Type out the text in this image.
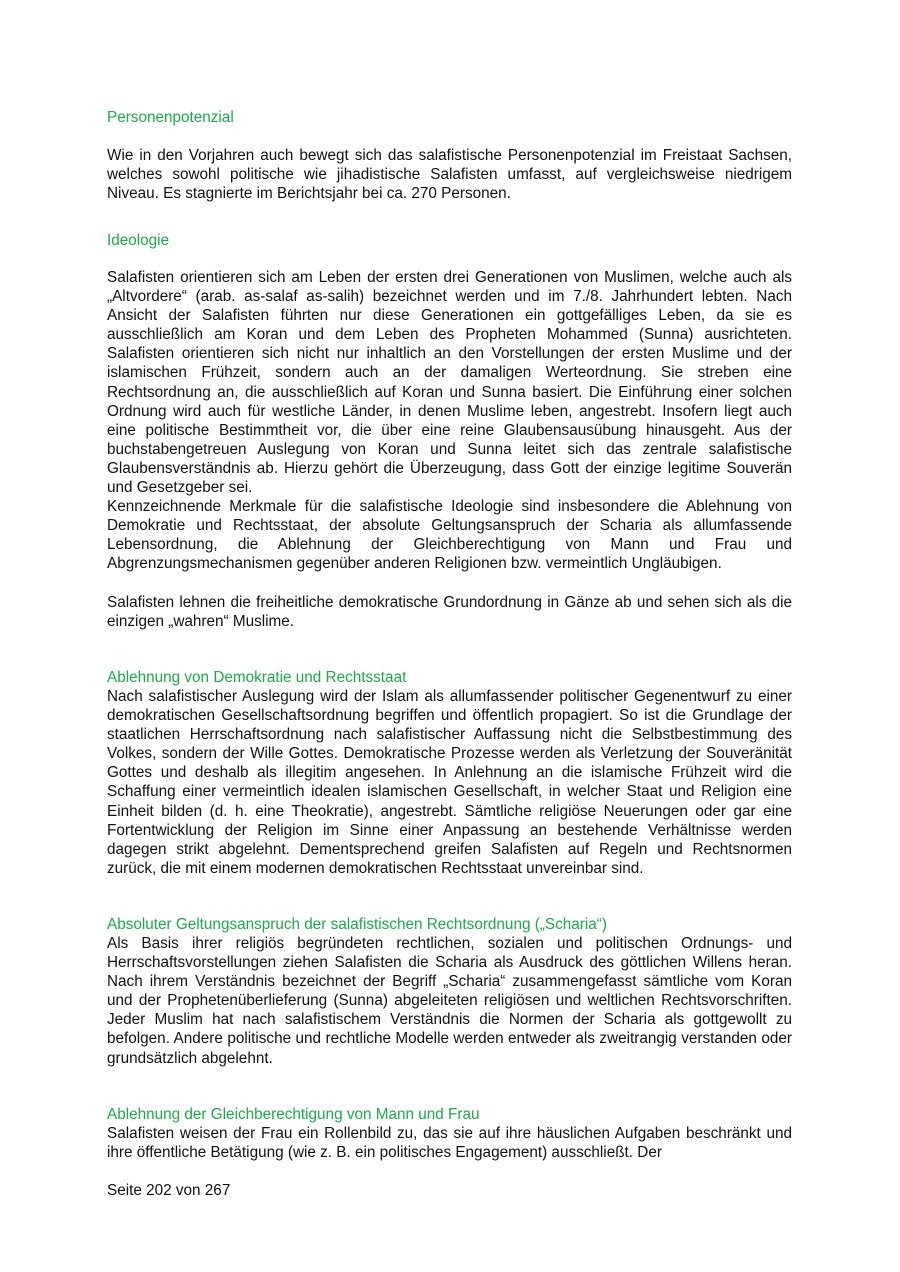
Personenpotenzial

Wie in den Vorjahren auch bewegt sich das salafistische Personenpotenzial im Freistaat Sachsen, welches sowohl politische wie jihadistische Salafisten umfasst, auf vergleichsweise niedrigem Niveau. Es stagnierte im Berichtsjahr bei ca. 270 Personen.

Ideologie

Salafisten orientieren sich am Leben der ersten drei Generationen von Muslimen, welche auch als „Altvordere“ (arab. as-salaf as-salih) bezeichnet werden und im 7./8. Jahrhundert lebten. Nach Ansicht der Salafisten führten nur diese Generationen ein gottgefälliges Leben, da sie es ausschließlich am Koran und dem Leben des Propheten Mohammed (Sunna) ausrichteten. Salafisten orientieren sich nicht nur inhaltlich an den Vorstellungen der ersten Muslime und der islamischen Frühzeit, sondern auch an der damaligen Werteordnung. Sie streben eine Rechtsordnung an, die ausschließlich auf Koran und Sunna basiert. Die Einführung einer solchen Ordnung wird auch für westliche Länder, in denen Muslime leben, angestrebt. Insofern liegt auch eine politische Bestimmtheit vor, die über eine reine Glaubensausübung hinausgeht. Aus der buchstabengetreuen Auslegung von Koran und Sunna leitet sich das zentrale salafistische Glaubensverständnis ab. Hierzu gehört die Überzeugung, dass Gott der einzige legitime Souverän und Gesetzgeber sei.

Kennzeichnende Merkmale für die salafistische Ideologie sind insbesondere die Ablehnung von Demokratie und Rechtsstaat, der absolute Geltungsanspruch der Scharia als allumfassende Lebensordnung, die Ablehnung der Gleichberechtigung von Mann und Frau und Abgrenzungsmechanismen gegenüber anderen Religionen bzw. vermeintlich Ungläubigen.

Salafisten lehnen die freiheitliche demokratische Grundordnung in Gänze ab und sehen sich als die einzigen „wahren“ Muslime.

Ablehnung von Demokratie und Rechtsstaat

Nach salafistischer Auslegung wird der Islam als allumfassender politischer Gegenentwurf zu einer demokratischen Gesellschaftsordnung begriffen und öffentlich propagiert. So ist die Grundlage der staatlichen Herrschaftsordnung nach salafistischer Auffassung nicht die Selbstbestimmung des Volkes, sondern der Wille Gottes. Demokratische Prozesse werden als Verletzung der Souveränität Gottes und deshalb als illegitim angesehen. In Anlehnung an die islamische Frühzeit wird die Schaffung einer vermeintlich idealen islamischen Gesellschaft, in welcher Staat und Religion eine Einheit bilden (d. h. eine Theokratie), angestrebt. Sämtliche religiöse Neuerungen oder gar eine Fortentwicklung der Religion im Sinne einer Anpassung an bestehende Verhältnisse werden dagegen strikt abgelehnt. Dementsprechend greifen Salafisten auf Regeln und Rechtsnormen zurück, die mit einem modernen demokratischen Rechtsstaat unvereinbar sind.

Absoluter Geltungsanspruch der salafistischen Rechtsordnung („Scharia“)

Als Basis ihrer religiös begründeten rechtlichen, sozialen und politischen Ordnungs- und Herrschaftsvorstellungen ziehen Salafisten die Scharia als Ausdruck des göttlichen Willens heran. Nach ihrem Verständnis bezeichnet der Begriff „Scharia“ zusammengefasst sämtliche vom Koran und der Prophetenüberlieferung (Sunna) abgeleiteten religiösen und weltlichen Rechtsvorschriften. Jeder Muslim hat nach salafistischem Verständnis die Normen der Scharia als gottgewollt zu befolgen. Andere politische und rechtliche Modelle werden entweder als zweitrangig verstanden oder grundsätzlich abgelehnt.

Ablehnung der Gleichberechtigung von Mann und Frau

Salafisten weisen der Frau ein Rollenbild zu, das sie auf ihre häuslichen Aufgaben beschränkt und ihre öffentliche Betätigung (wie z. B. ein politisches Engagement) ausschließt. Der

Seite 202 von 267
